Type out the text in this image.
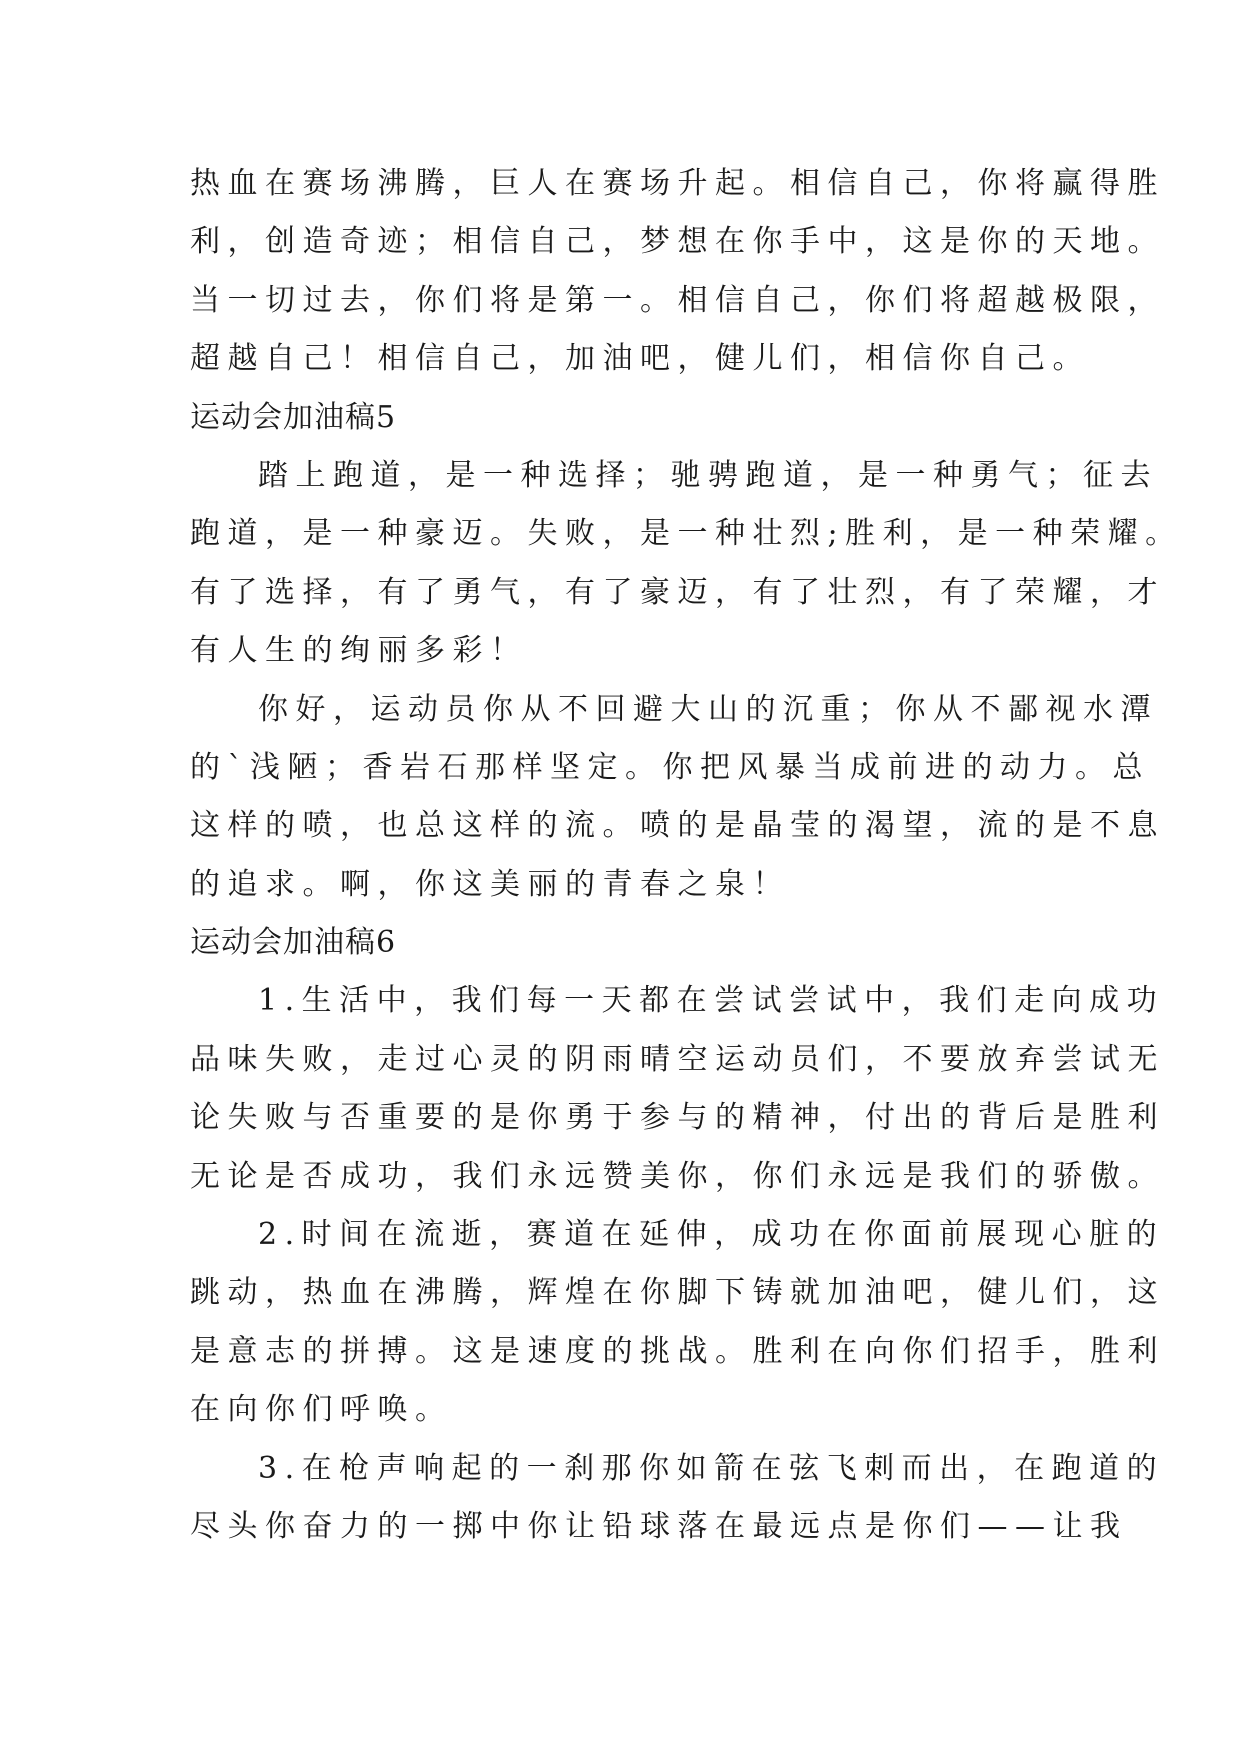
热血在赛场沸腾，巨人在赛场升起。相信自己，你将赢得胜
利，创造奇迹；相信自己，梦想在你手中，这是你的天地。
当一切过去，你们将是第一。相信自己，你们将超越极限，
超越自己！相信自己，加油吧，健儿们，相信你自己。
运动会加油稿5
踏上跑道，是一种选择；驰骋跑道，是一种勇气；征去
跑道，是一种豪迈。失败，是一种壮烈;胜利，是一种荣耀。
有了选择，有了勇气，有了豪迈，有了壮烈，有了荣耀，才
有人生的绚丽多彩！
你好，运动员你从不回避大山的沉重；你从不鄙视水潭
的`浅陋；香岩石那样坚定。你把风暴当成前进的动力。总
这样的喷，也总这样的流。喷的是晶莹的渴望，流的是不息
的追求。啊，你这美丽的青春之泉！
运动会加油稿6
1.生活中，我们每一天都在尝试尝试中，我们走向成功
品味失败，走过心灵的阴雨晴空运动员们，不要放弃尝试无
论失败与否重要的是你勇于参与的精神，付出的背后是胜利
无论是否成功，我们永远赞美你，你们永远是我们的骄傲。
2.时间在流逝，赛道在延伸，成功在你面前展现心脏的
跳动，热血在沸腾，辉煌在你脚下铸就加油吧，健儿们，这
是意志的拼搏。这是速度的挑战。胜利在向你们招手，胜利
在向你们呼唤。
3.在枪声响起的一刹那你如箭在弦飞刺而出，在跑道的
尽头你奋力的一掷中你让铅球落在最远点是你们——让我
